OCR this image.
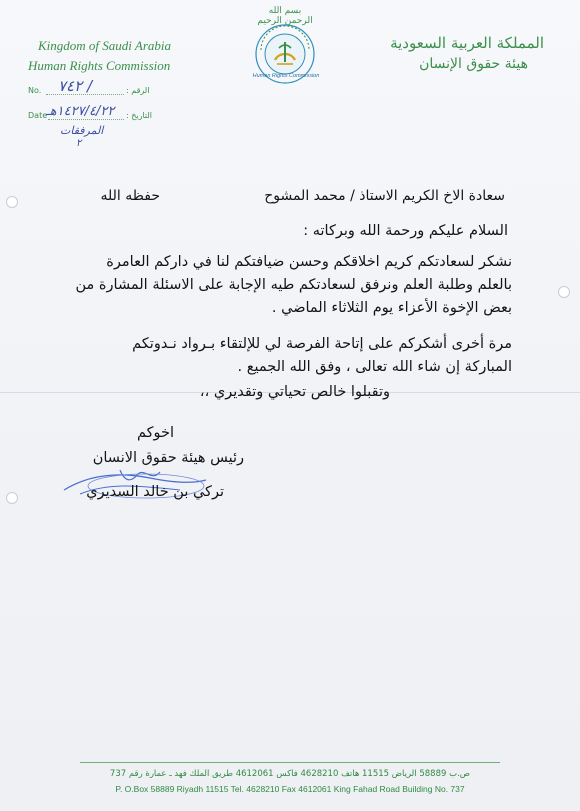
Kingdom of Saudi Arabia
Human Rights Commission
المملكة العربية السعودية
هيئة حقوق الإنسان
بسم الله الرحمن الرحيم
Human Rights Commission
No.	الرقم :
/ ٧٤٢
Date	التاريخ :
١٤٢٧/٤/٢٢هـ
المرفقات
٢
سعادة الاخ الكريم الاستاذ / محمد المشوح
حفظه الله
السلام عليكم ورحمة الله وبركاته :
نشكر لسعادتكم كريم اخلاقكم وحسن ضيافتكم لنا في داركم العامرة
بالعلم وطلبة العلم ونرفق لسعادتكم طيه الإجابة على الاسئلة المشارة من
بعض الإخوة الأعزاء يوم الثلاثاء الماضي .
مرة أخرى أشكركم على إتاحة الفرصة لي للإلتقاء بـرواد نـدوتكم
المباركة إن شاء الله تعالى ، وفق الله الجميع .
وتقبلوا خالص تحياتي وتقديري ،،
اخوكم
رئيس هيئة حقوق الانسان
تركي بن خالد السديري
ص.ب 58889 الرياض 11515 هاتف 4628210 فاكس 4612061 طريق الملك فهد ـ عمارة رقم 737
P. O.Box 58889 Riyadh 11515 Tel. 4628210 Fax 4612061 King Fahad Road Building No. 737
